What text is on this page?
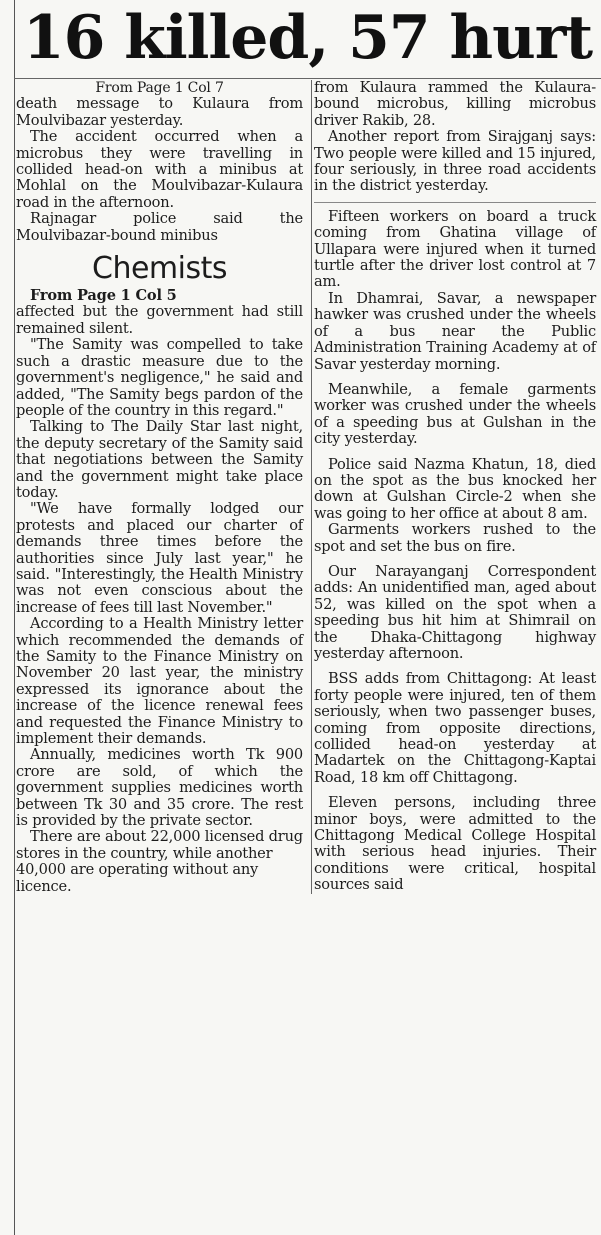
16 killed, 57 hurt

From Page 1 Col 7

death message to Kulaura from Moulvibazar yesterday.

The accident occurred when a microbus they were travelling in collided head-on with a minibus at Mohlal on the Moulvibazar-Kulaura road in the afternoon.

Rajnagar police said the Moulvibazar-bound minibus

Chemists

From Page 1 Col 5

affected but the government had still remained silent.

"The Samity was compelled to take such a drastic measure due to the government's negligence," he said and added, "The Samity begs pardon of the people of the country in this regard."

Talking to The Daily Star last night, the deputy secretary of the Samity said that negotiations between the Samity and the government might take place today.

"We have formally lodged our protests and placed our charter of demands three times before the authorities since July last year," he said. "Interestingly, the Health Ministry was not even conscious about the increase of fees till last November."

According to a Health Ministry letter which recommended the demands of the Samity to the Finance Ministry on November 20 last year, the ministry expressed its ignorance about the increase of the licence renewal fees and requested the Finance Ministry to implement their demands.

Annually, medicines worth Tk 900 crore are sold, of which the government supplies medicines worth between Tk 30 and 35 crore. The rest is provided by the private sector.

There are about 22,000 licensed drug stores in the country, while another 40,000 are operating without any licence.

from Kulaura rammed the Kulaura-bound microbus, killing microbus driver Rakib, 28.

Another report from Sirajganj says: Two people were killed and 15 injured, four seriously, in three road accidents in the district yesterday.

Fifteen workers on board a truck coming from Ghatina village of Ullapara were injured when it turned turtle after the driver lost control at 7 am.

In Dhamrai, Savar, a newspaper hawker was crushed under the wheels of a bus near the Public Administration Training Academy at of Savar yesterday morning.

Meanwhile, a female garments worker was crushed under the wheels of a speeding bus at Gulshan in the city yesterday.

Police said Nazma Khatun, 18, died on the spot as the bus knocked her down at Gulshan Circle-2 when she was going to her office at about 8 am.

Garments workers rushed to the spot and set the bus on fire.

Our Narayanganj Correspondent adds: An unidentified man, aged about 52, was killed on the spot when a speeding bus hit him at Shimrail on the Dhaka-Chittagong highway yesterday afternoon.

BSS adds from Chittagong: At least forty people were injured, ten of them seriously, when two passenger buses, coming from opposite directions, collided head-on yesterday at Madartek on the Chittagong-Kaptai Road, 18 km off Chittagong.

Eleven persons, including three minor boys, were admitted to the Chittagong Medical College Hospital with serious head injuries. Their conditions were critical, hospital sources said
